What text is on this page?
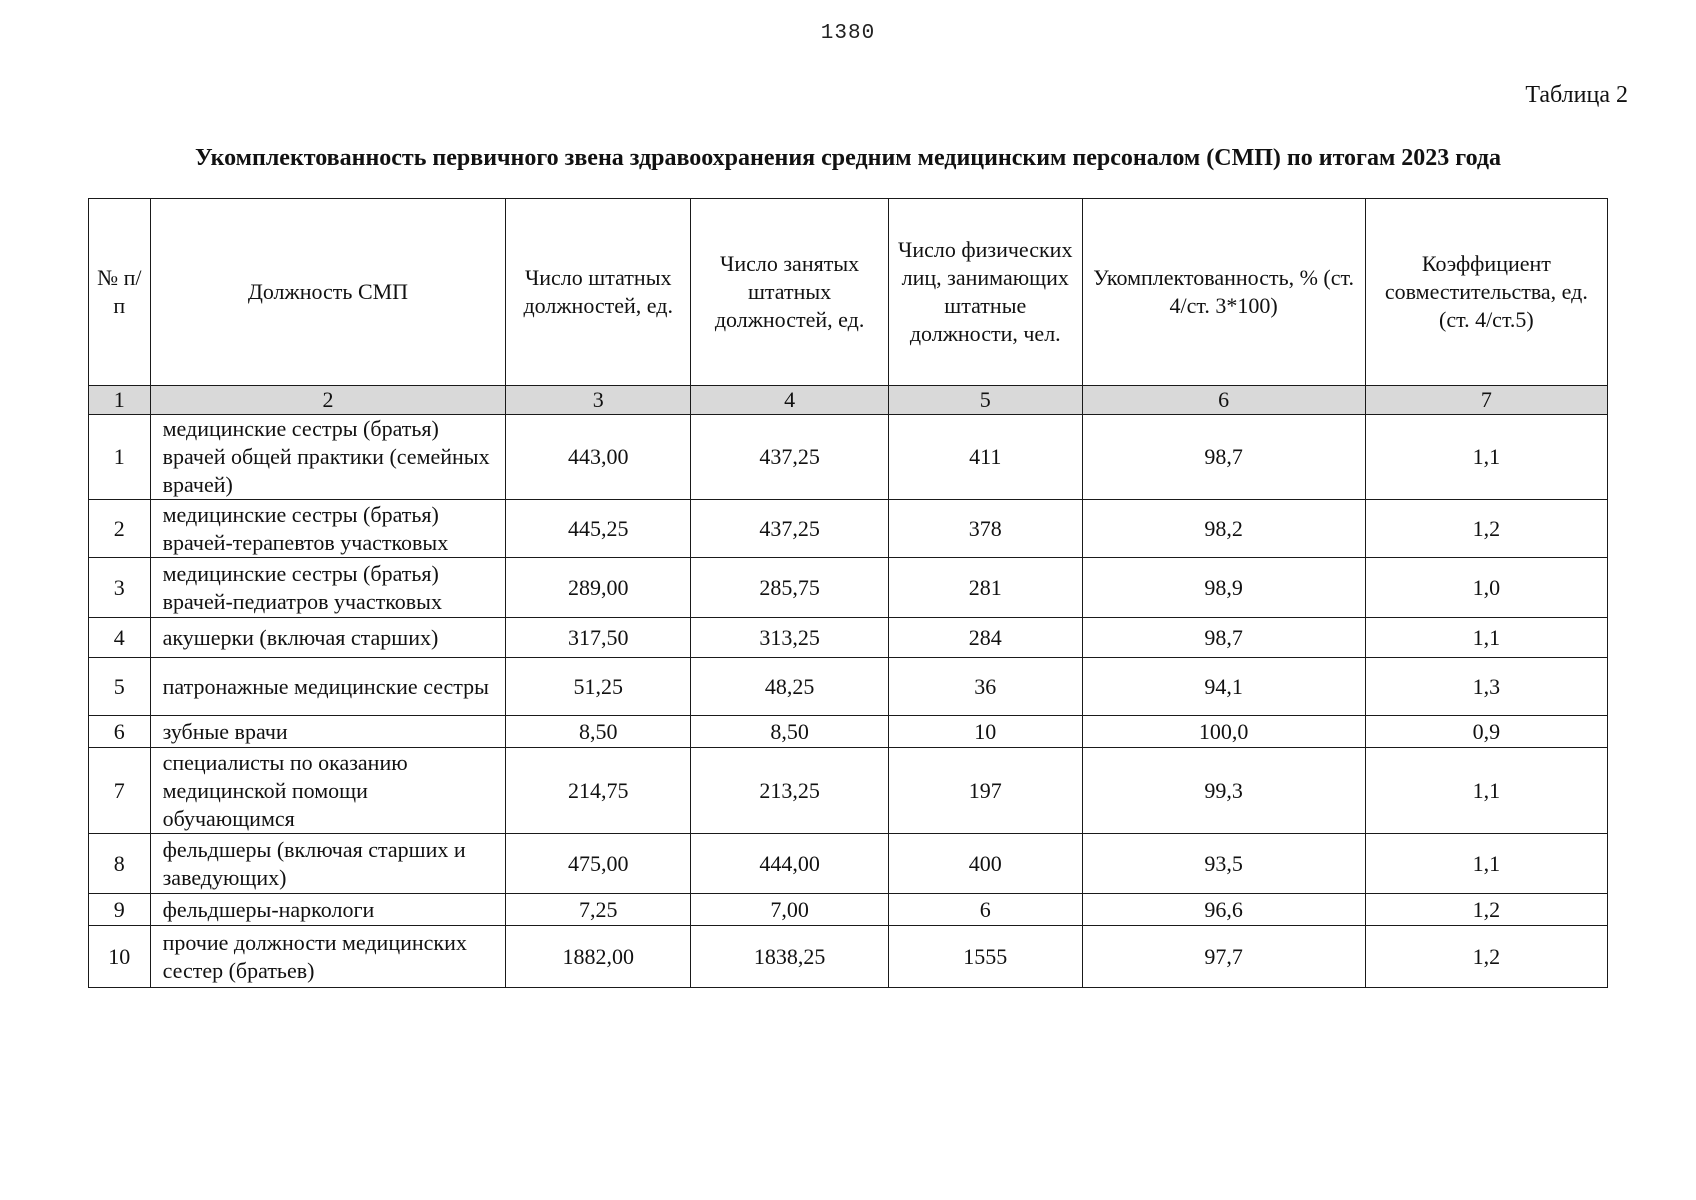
1380
Таблица 2
Укомплектованность первичного звена здравоохранения средним медицинским персоналом (СМП) по итогам 2023 года
№ п/п	Должность СМП	Число штатных должностей, ед.	Число занятых штатных должностей, ед.	Число физических лиц, занимающих штатные должности, чел.	Укомплектованность, % (ст. 4/ст. 3*100)	Коэффициент совместительства, ед. (ст. 4/ст.5)
1	2	3	4	5	6	7
1	медицинские сестры (братья) врачей общей практики (семейных врачей)	443,00	437,25	411	98,7	1,1
2	медицинские сестры (братья) врачей-терапевтов участковых	445,25	437,25	378	98,2	1,2
3	медицинские сестры (братья) врачей-педиатров участковых	289,00	285,75	281	98,9	1,0
4	акушерки (включая старших)	317,50	313,25	284	98,7	1,1
5	патронажные медицинские сестры	51,25	48,25	36	94,1	1,3
6	зубные врачи	8,50	8,50	10	100,0	0,9
7	специалисты по оказанию медицинской помощи обучающимся	214,75	213,25	197	99,3	1,1
8	фельдшеры (включая старших и заведующих)	475,00	444,00	400	93,5	1,1
9	фельдшеры-наркологи	7,25	7,00	6	96,6	1,2
10	прочие должности медицинских сестер (братьев)	1882,00	1838,25	1555	97,7	1,2
